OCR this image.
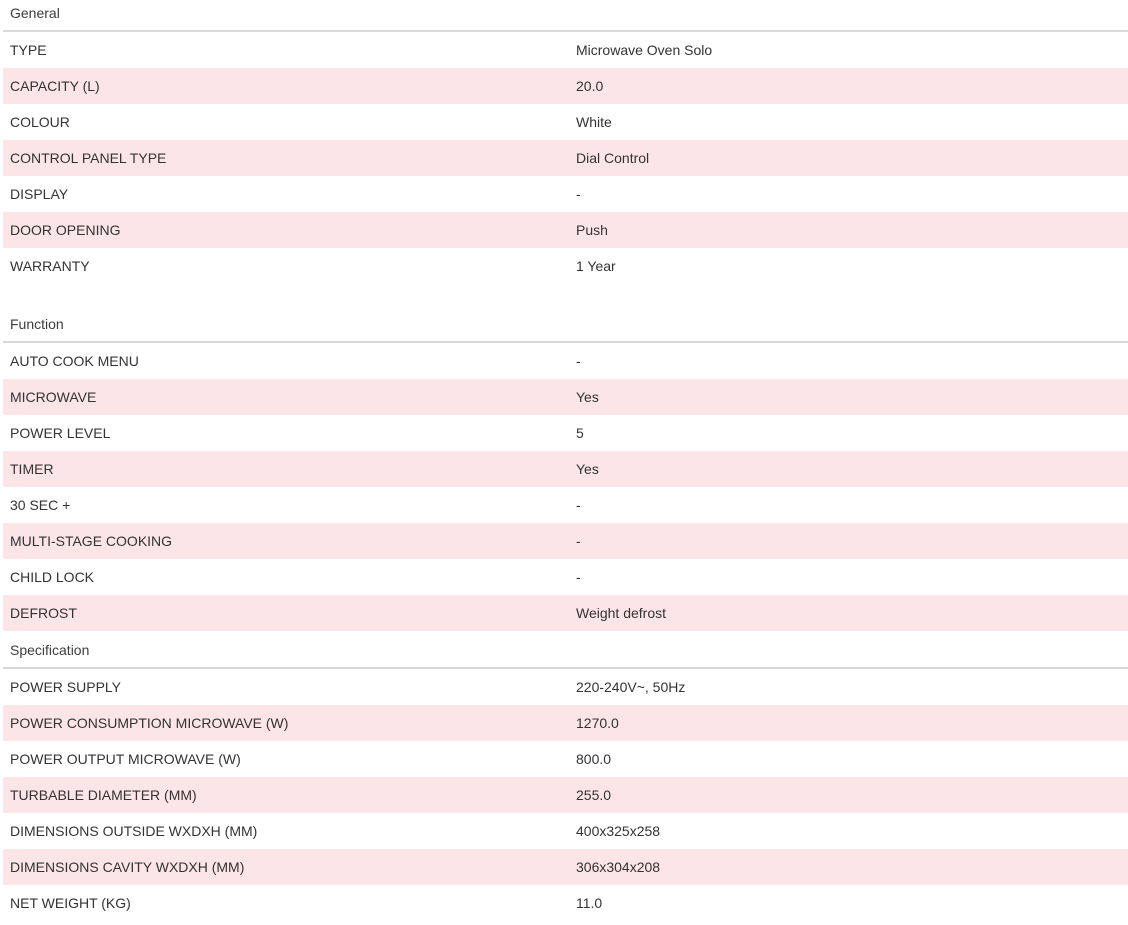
General
TYPE	Microwave Oven Solo
CAPACITY (L)	20.0
COLOUR	White
CONTROL PANEL TYPE	Dial Control
DISPLAY	-
DOOR OPENING	Push
WARRANTY	1 Year
Function
AUTO COOK MENU	-
MICROWAVE	Yes
POWER LEVEL	5
TIMER	Yes
30 SEC +	-
MULTI-STAGE COOKING	-
CHILD LOCK	-
DEFROST	Weight defrost
Specification
POWER SUPPLY	220-240V~, 50Hz
POWER CONSUMPTION MICROWAVE (W)	1270.0
POWER OUTPUT MICROWAVE (W)	800.0
TURBABLE DIAMETER (MM)	255.0
DIMENSIONS OUTSIDE WXDXH (MM)	400x325x258
DIMENSIONS CAVITY WXDXH (MM)	306x304x208
NET WEIGHT (KG)	11.0
